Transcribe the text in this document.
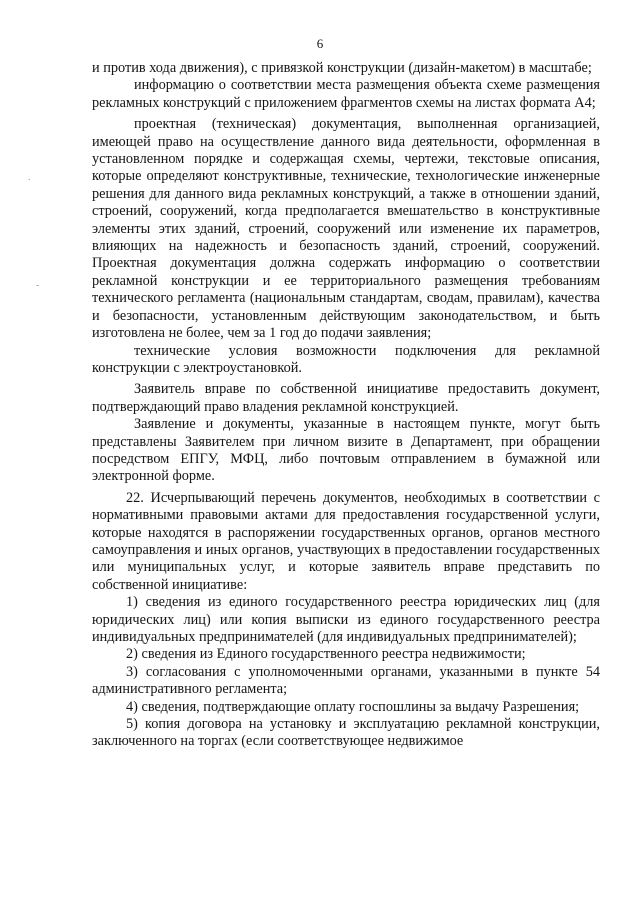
6
.
-

и против хода движения), с привязкой конструкции (дизайн-макетом) в масштабе;

информацию о соответствии места размещения объекта схеме размещения рекламных конструкций с приложением фрагментов схемы на листах формата А4;

проектная (техническая) документация, выполненная организацией, имеющей право на осуществление данного вида деятельности, оформленная в установленном порядке и содержащая схемы, чертежи, текстовые описания, которые определяют конструктивные, технические, технологические инженерные решения для данного вида рекламных конструкций, а также в отношении зданий, строений, сооружений, когда предполагается вмешательство в конструктивные элементы этих зданий, строений, сооружений или изменение их параметров, влияющих на надежность и безопасность зданий, строений, сооружений. Проектная документация должна содержать информацию о соответствии рекламной конструкции и ее территориального размещения требованиям технического регламента (национальным стандартам, сводам, правилам), качества и безопасности, установленным действующим законодательством, и быть изготовлена не более, чем за 1 год до подачи заявления;

технические условия возможности подключения для рекламной конструкции с электроустановкой.

Заявитель вправе по собственной инициативе предоставить документ, подтверждающий право владения рекламной конструкцией.

Заявление и документы, указанные в настоящем пункте, могут быть представлены Заявителем при личном визите в Департамент, при обращении посредством ЕПГУ, МФЦ, либо почтовым отправлением в бумажной или электронной форме.

22. Исчерпывающий перечень документов, необходимых в соответствии с нормативными правовыми актами для предоставления государственной услуги, которые находятся в распоряжении государственных органов, органов местного самоуправления и иных органов, участвующих в предоставлении государственных или муниципальных услуг, и которые заявитель вправе представить по собственной инициативе:

1) сведения из единого государственного реестра юридических лиц (для юридических лиц) или копия выписки из единого государственного реестра индивидуальных предпринимателей (для индивидуальных предпринимателей);

2) сведения из Единого государственного реестра недвижимости;

3) согласования с уполномоченными органами, указанными в пункте 54 административного регламента;

4) сведения, подтверждающие оплату госпошлины за выдачу Разрешения;

5) копия договора на установку и эксплуатацию рекламной конструкции, заключенного на торгах (если соответствующее недвижимое
